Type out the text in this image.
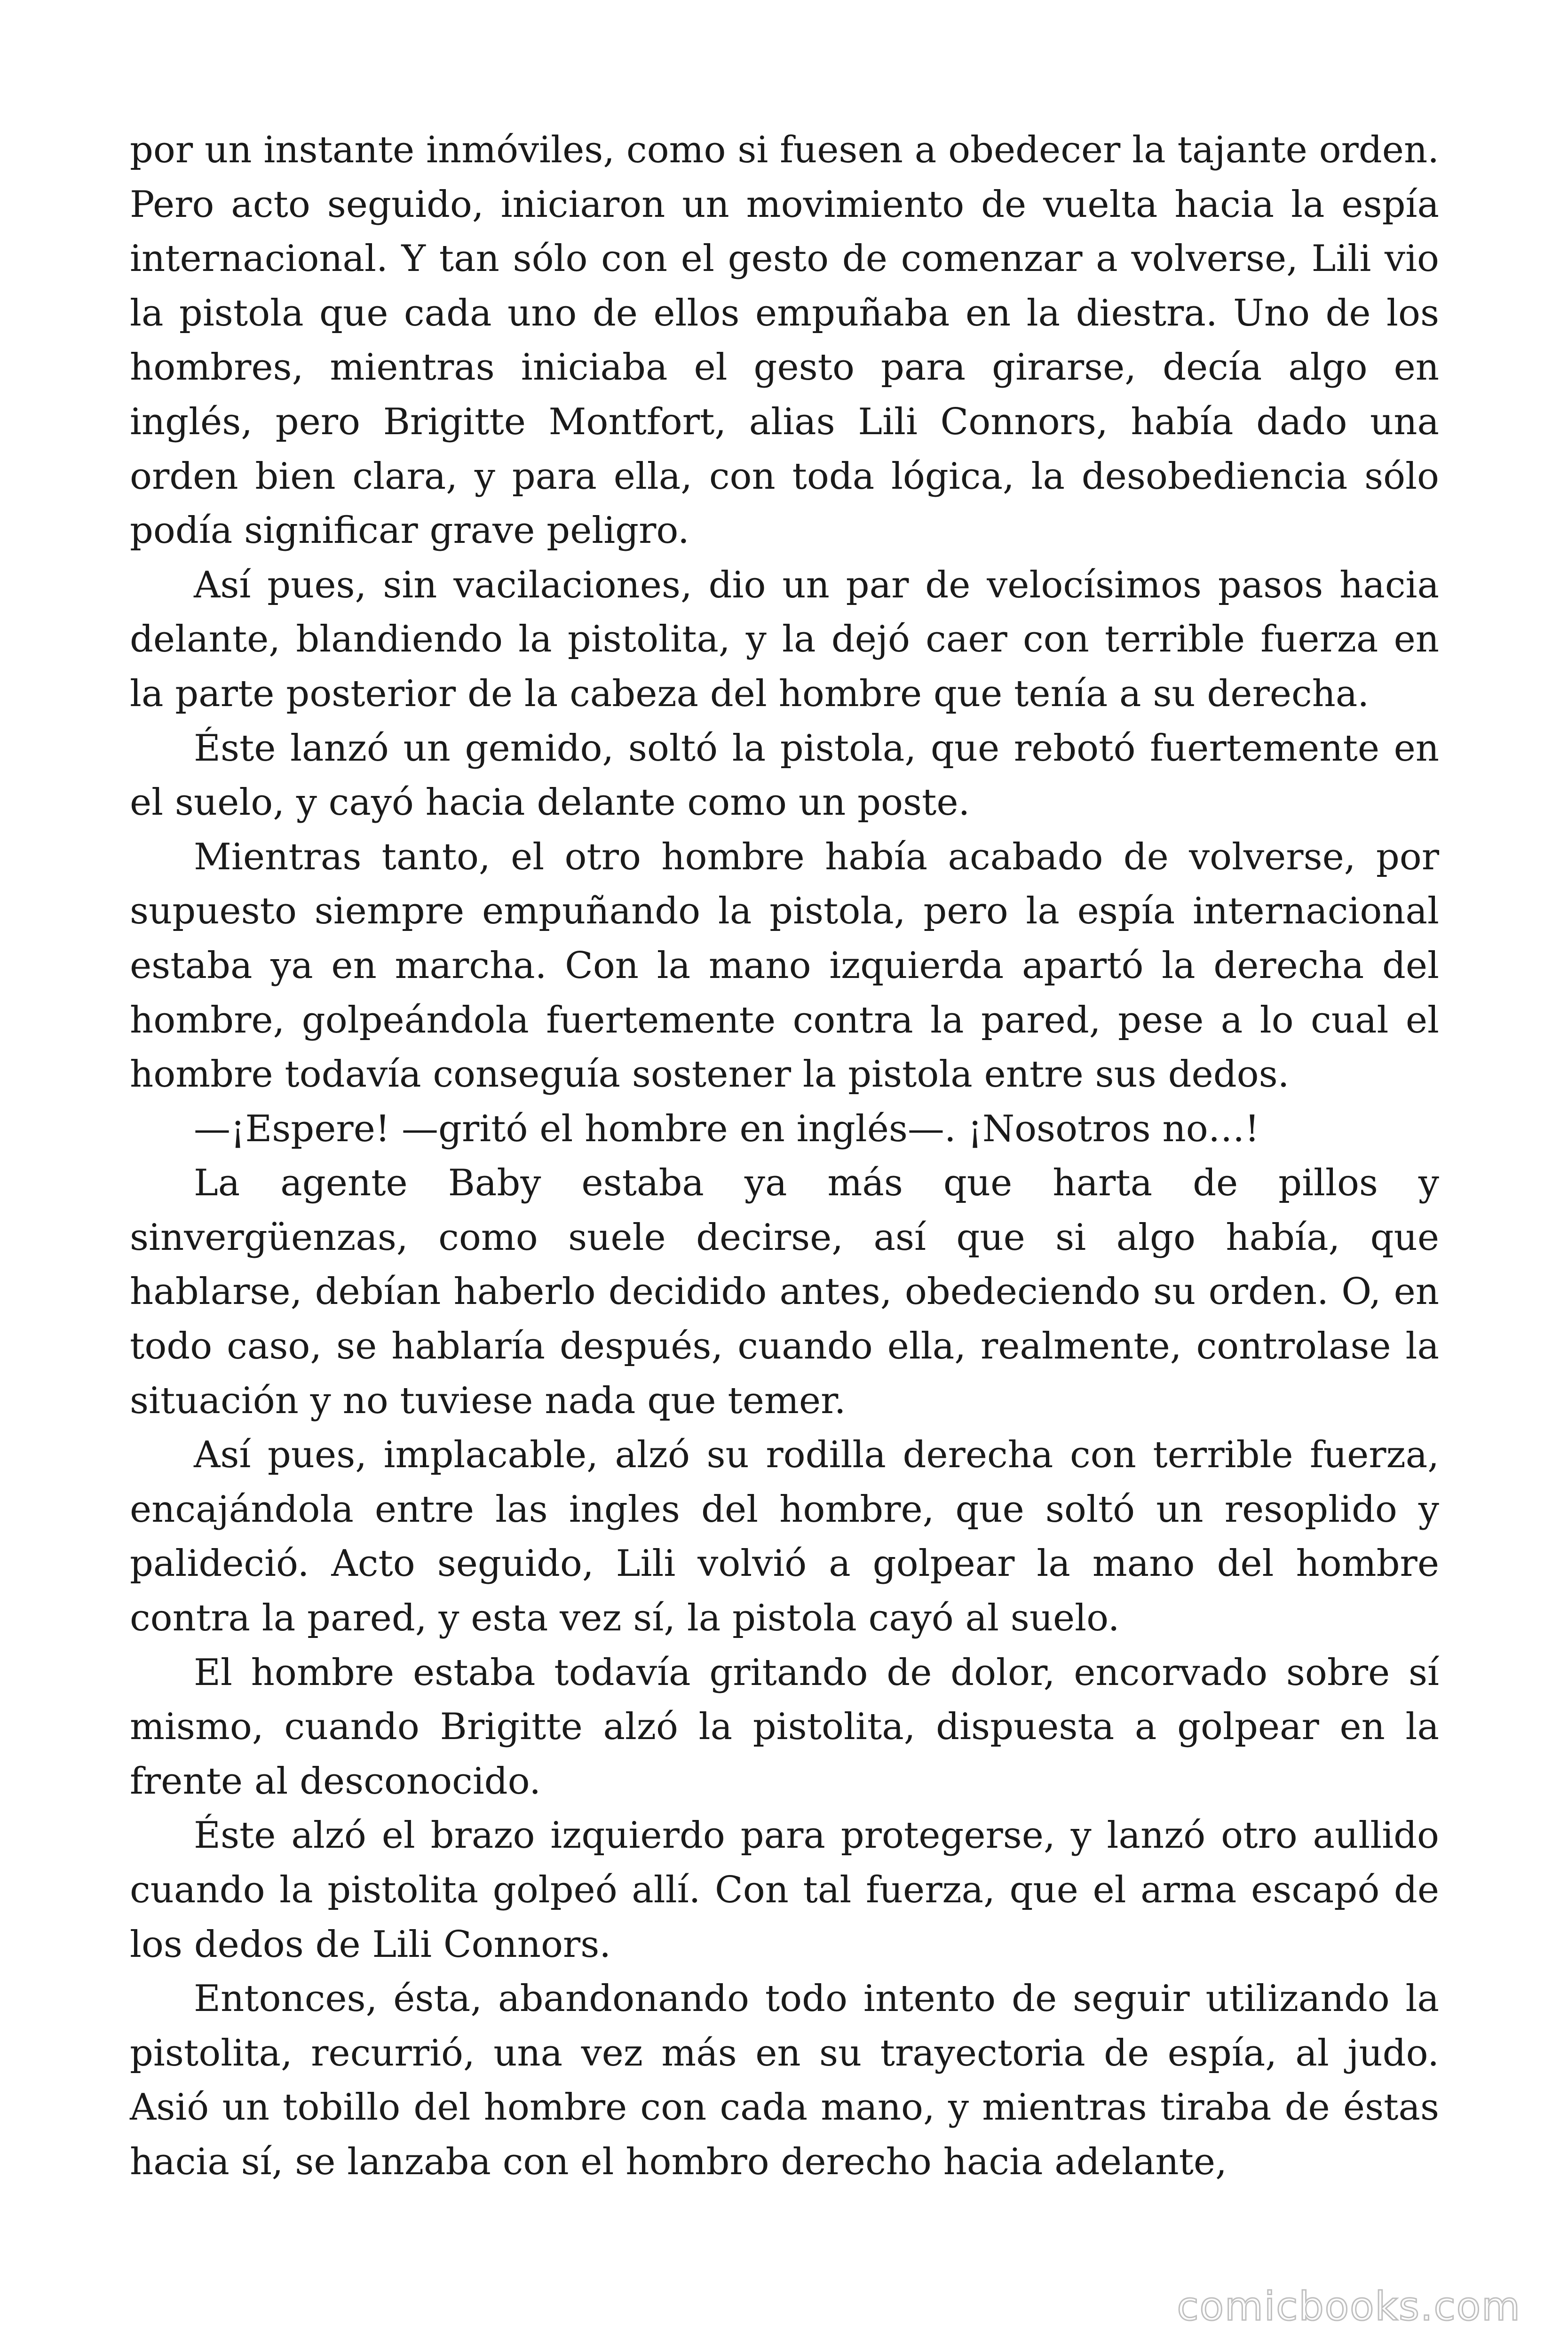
por un instante inmóviles, como si fuesen a obedecer la tajante orden. Pero acto seguido, iniciaron un movimiento de vuelta hacia la espía internacional. Y tan sólo con el gesto de comenzar a volverse, Lili vio la pistola que cada uno de ellos empuñaba en la diestra. Uno de los hombres, mientras iniciaba el gesto para girarse, decía algo en inglés, pero Brigitte Montfort, alias Lili Connors, había dado una orden bien clara, y para ella, con toda lógica, la desobediencia sólo podía significar grave peligro.

Así pues, sin vacilaciones, dio un par de velocísimos pasos hacia delante, blandiendo la pistolita, y la dejó caer con terrible fuerza en la parte posterior de la cabeza del hombre que tenía a su derecha.

Éste lanzó un gemido, soltó la pistola, que rebotó fuertemente en el suelo, y cayó hacia delante como un poste.

Mientras tanto, el otro hombre había acabado de volverse, por supuesto siempre empuñando la pistola, pero la espía internacional estaba ya en marcha. Con la mano izquierda apartó la derecha del hombre, golpeándola fuertemente contra la pared, pese a lo cual el hombre todavía conseguía sostener la pistola entre sus dedos.

—¡Espere! —gritó el hombre en inglés—. ¡Nosotros no…!

La agente Baby estaba ya más que harta de pillos y sinvergüenzas, como suele decirse, así que si algo había, que hablarse, debían haberlo decidido antes, obedeciendo su orden. O, en todo caso, se hablaría después, cuando ella, realmente, controlase la situación y no tuviese nada que temer.

Así pues, implacable, alzó su rodilla derecha con terrible fuerza, encajándola entre las ingles del hombre, que soltó un resoplido y palideció. Acto seguido, Lili volvió a golpear la mano del hombre contra la pared, y esta vez sí, la pistola cayó al suelo.

El hombre estaba todavía gritando de dolor, encorvado sobre sí mismo, cuando Brigitte alzó la pistolita, dispuesta a golpear en la frente al desconocido.

Éste alzó el brazo izquierdo para protegerse, y lanzó otro aullido cuando la pistolita golpeó allí. Con tal fuerza, que el arma escapó de los dedos de Lili Connors.

Entonces, ésta, abandonando todo intento de seguir utilizando la pistolita, recurrió, una vez más en su trayectoria de espía, al judo. Asió un tobillo del hombre con cada mano, y mientras tiraba de éstas hacia sí, se lanzaba con el hombro derecho hacia adelante,

comicbooks.com
